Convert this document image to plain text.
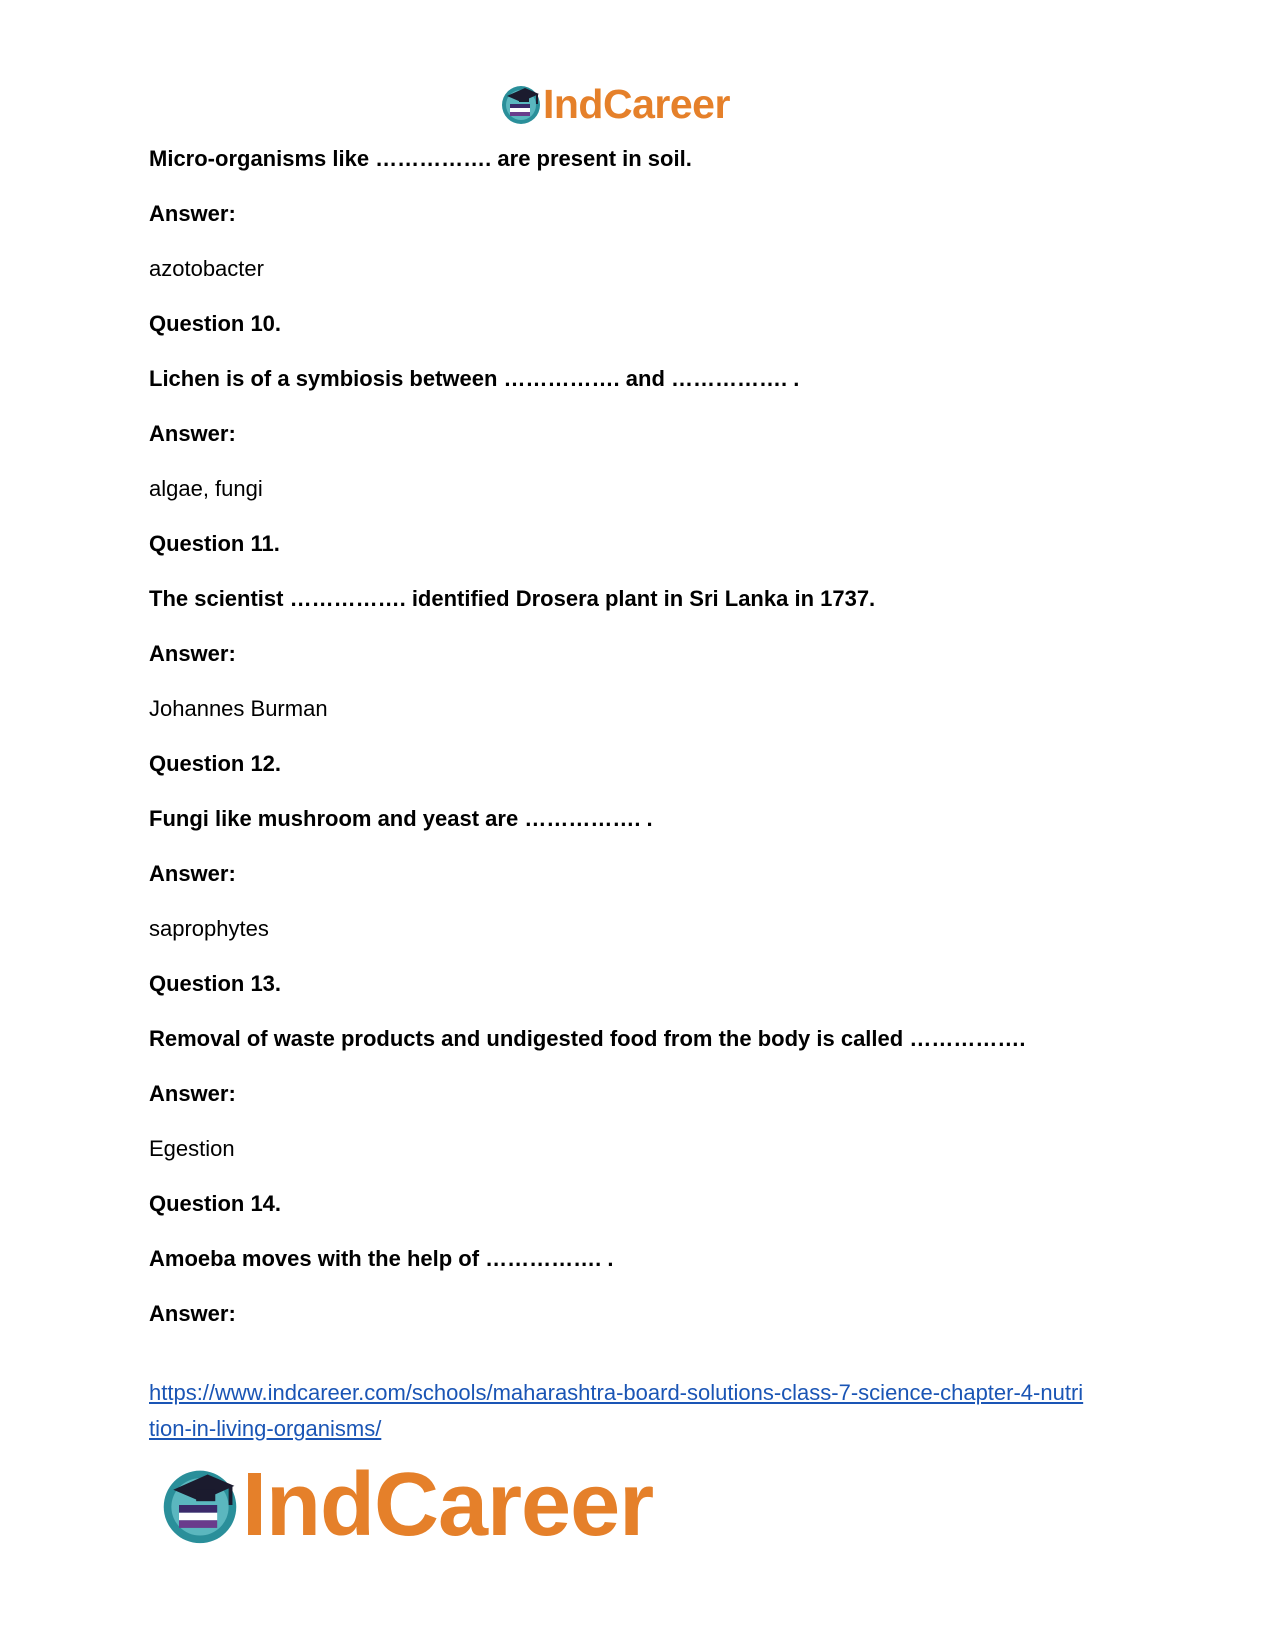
IndCareer
Micro-organisms like ……………. are present in soil.
Answer:
azotobacter
Question 10.
Lichen is of a symbiosis between ……………. and ……………. .
Answer:
algae, fungi
Question 11.
The scientist ……………. identified Drosera plant in Sri Lanka in 1737.
Answer:
Johannes Burman
Question 12.
Fungi like mushroom and yeast are ……………. .
Answer:
saprophytes
Question 13.
Removal of waste products and undigested food from the body is called …………….
Answer:
Egestion
Question 14.
Amoeba moves with the help of ……………. .
Answer:
https://www.indcareer.com/schools/maharashtra-board-solutions-class-7-science-chapter-4-nutri
tion-in-living-organisms/
IndCareer
